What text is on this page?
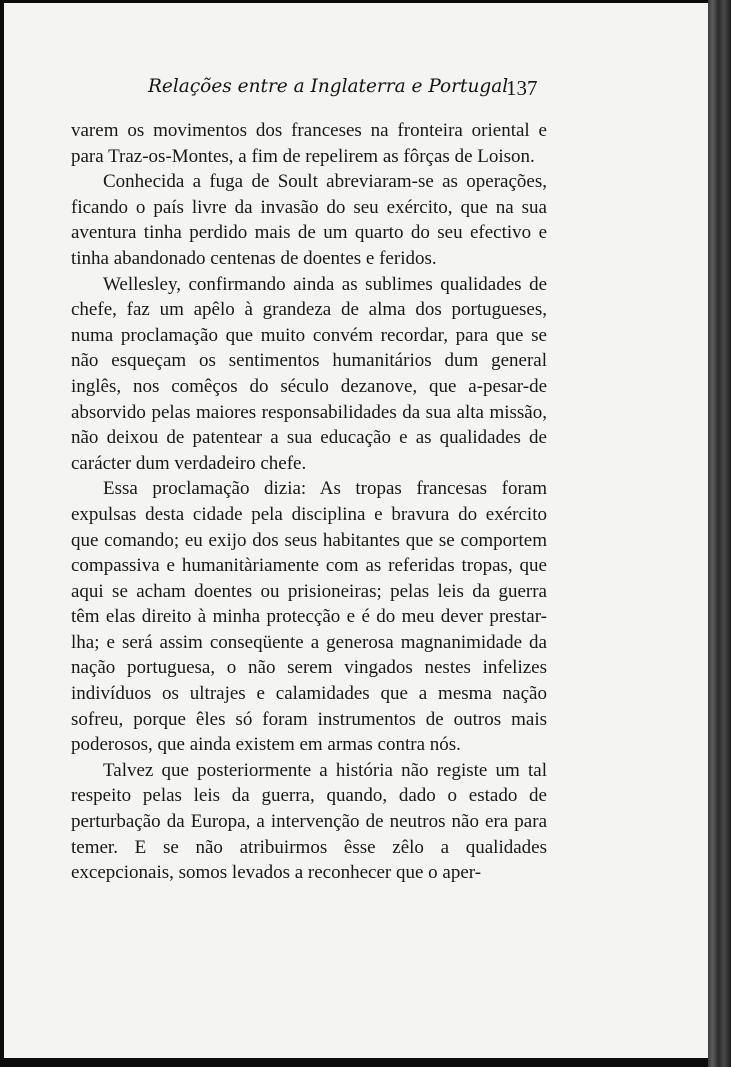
Relações entre a Inglaterra e Portugal
137

varem os movimentos dos franceses na fronteira oriental e para Traz-os-Montes, a fim de repelirem as fôrças de Loison.

Conhecida a fuga de Soult abreviaram-se as operações, ficando o país livre da invasão do seu exército, que na sua aventura tinha perdido mais de um quarto do seu efectivo e tinha abandonado centenas de doentes e feridos.

Wellesley, confirmando ainda as sublimes qualidades de chefe, faz um apêlo à grandeza de alma dos portugueses, numa proclamação que muito convém recordar, para que se não esqueçam os sentimentos humanitários dum general inglês, nos comêços do século dezanove, que a-pesar-de absorvido pelas maiores responsabilidades da sua alta missão, não deixou de patentear a sua educação e as qualidades de carácter dum verdadeiro chefe.

Essa proclamação dizia: As tropas francesas foram expulsas desta cidade pela disciplina e bravura do exército que comando; eu exijo dos seus habitantes que se comportem compassiva e humanitàriamente com as referidas tropas, que aqui se acham doentes ou prisioneiras; pelas leis da guerra têm elas direito à minha protecção e é do meu dever prestar-lha; e será assim conseqüente a generosa magnanimidade da nação portuguesa, o não serem vingados nestes infelizes indivíduos os ultrajes e calamidades que a mesma nação sofreu, porque êles só foram instrumentos de outros mais poderosos, que ainda existem em armas contra nós.

Talvez que posteriormente a história não registe um tal respeito pelas leis da guerra, quando, dado o estado de perturbação da Europa, a intervenção de neutros não era para temer. E se não atribuirmos êsse zêlo a qualidades excepcionais, somos levados a reconhecer que o aper-
